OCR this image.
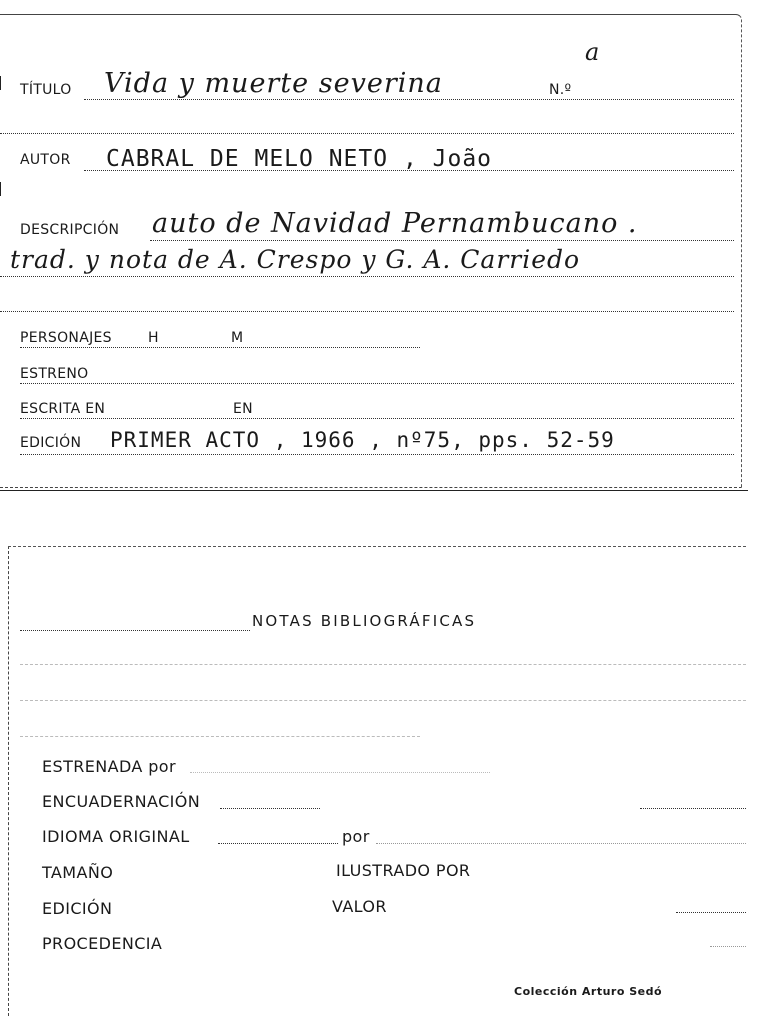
TÍTULO Vida y muerte severina	N.º
a
AUTOR CABRAL DE MELO NETO , João
DESCRIPCIÓN auto de Navidad Pernambucano .
trad. y nota de A. Crespo y G. A. Carriedo
PERSONAJES	H	M
ESTRENO
ESCRITA EN	EN
EDICIÓN PRIMER ACTO , 1966 , nº75, pps. 52-59
NOTAS BIBLIOGRÁFICAS
ESTRENADA por
ENCUADERNACIÓN
IDIOMA ORIGINAL	por
TAMAÑO	ILUSTRADO POR
EDICIÓN	VALOR
PROCEDENCIA
Colección Arturo Sedó
